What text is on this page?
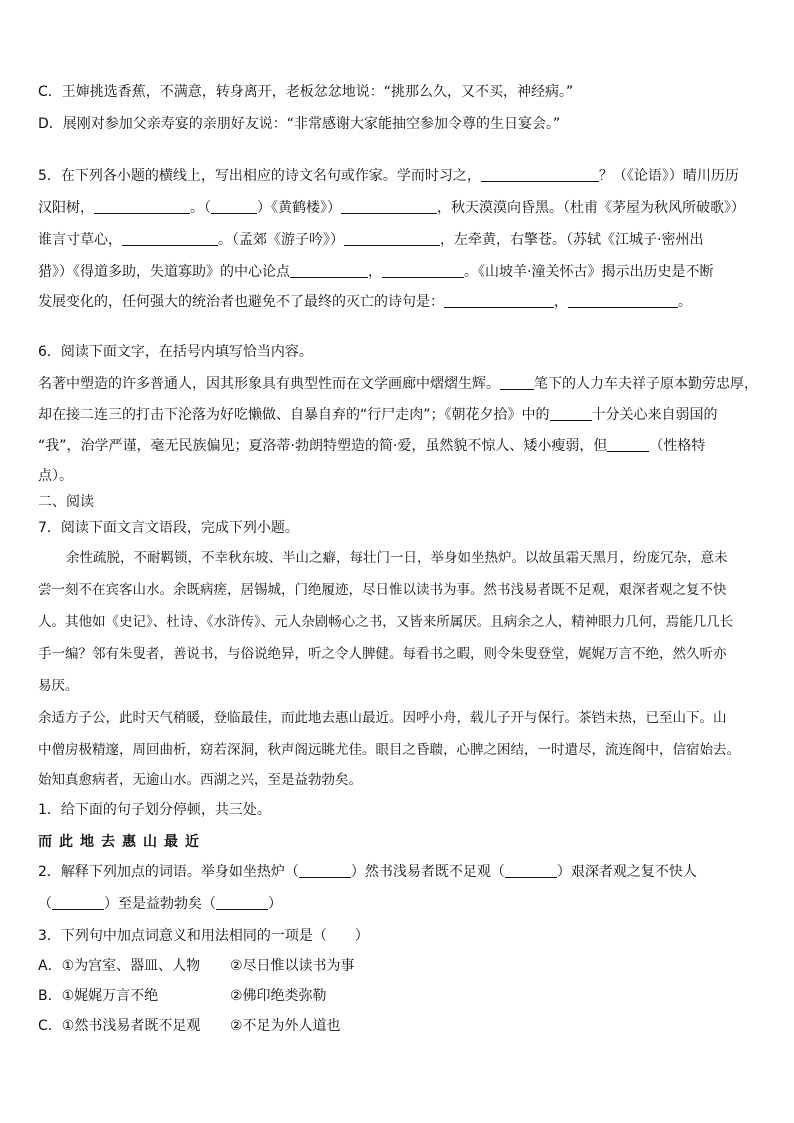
C．王婶挑选香蕉，不满意，转身离开，老板忿忿地说：“挑那么久，又不买，神经病。”
D．展刚对参加父亲寿宴的亲朋好友说：“非常感谢大家能抽空参加令尊的生日宴会。”
5．在下列各小题的横线上，写出相应的诗文名句或作家。学而时习之，	？（《论语》）晴川历历
汉阳树，	。（	）《黄鹤楼》）	，秋天漠漠向昏黑。（杜甫《茅屋为秋风所破歌》）
谁言寸草心，	。（孟郊《游子吟》）	，左牵黄，右擎苍。（苏轼《江城子·密州出
猎》）《得道多助，失道寡助》的中心论点	，	。《山坡羊·潼关怀古》揭示出历史是不断
发展变化的，任何强大的统治者也避免不了最终的灭亡的诗句是：	，	。
6．阅读下面文字，在括号内填写恰当内容。
名著中塑造的许多普通人，因其形象具有典型性而在文学画廊中熠熠生辉。 笔下的人力车夫祥子原本勤劳忠厚，
却在接二连三的打击下沦落为好吃懒做、自暴自弃的“行尸走肉”；《朝花夕拾》中的	十分关心来自弱国的
“我”，治学严谨，毫无民族偏见；夏洛蒂·勃朗特塑造的简·爱，虽然貌不惊人、矮小瘦弱，但	（性格特
点）。
二、阅读
7．阅读下面文言文语段，完成下列小题。
余性疏脱，不耐羁锁，不幸秋东坡、半山之癖，每壮门一日，举身如坐热炉。以故虽霜天黑月，纷庞冗杂，意未
尝一刻不在宾客山水。余既病瘥，居锡城，门绝履迹，尽日惟以读书为事。然书浅易者既不足观，艰深者观之复不快
人。其他如《史记》、杜诗、《水浒传》、元人杂剧畅心之书，又皆来所属厌。且病余之人，精神眼力几何，焉能几几长
手一编？邻有朱叟者，善说书，与俗说绝异，听之令人脾健。每看书之暇，则令朱叟登堂，娓娓万言不绝，然久听亦
易厌。
余适方子公，此时天气稍暖，登临最佳，而此地去惠山最近。因呼小舟，载儿子开与保行。茶铛未热，已至山下。山
中僧房极精邃，周回曲析，窈若深洞，秋声阁远眺尤佳。眼目之昏聩，心脾之困结，一时遣尽，流连阁中，信宿始去。
始知真愈病者，无逾山水。西湖之兴，至是益勃勃矣。
1．给下面的句子划分停顿，共三处。
而此地去惠山最近
2．解释下列加点的词语。举身如坐热炉（	）然书浅易者既不足观（	）艰深者观之复不快人
（	）至是益勃勃矣（	）
3．下列句中加点词意义和用法相同的一项是（　　）
A．①为宫室、器皿、人物 ②尽日惟以读书为事
B．①娓娓万言不绝	②佛印绝类弥勒
C．①然书浅易者既不足观 ②不足为外人道也
